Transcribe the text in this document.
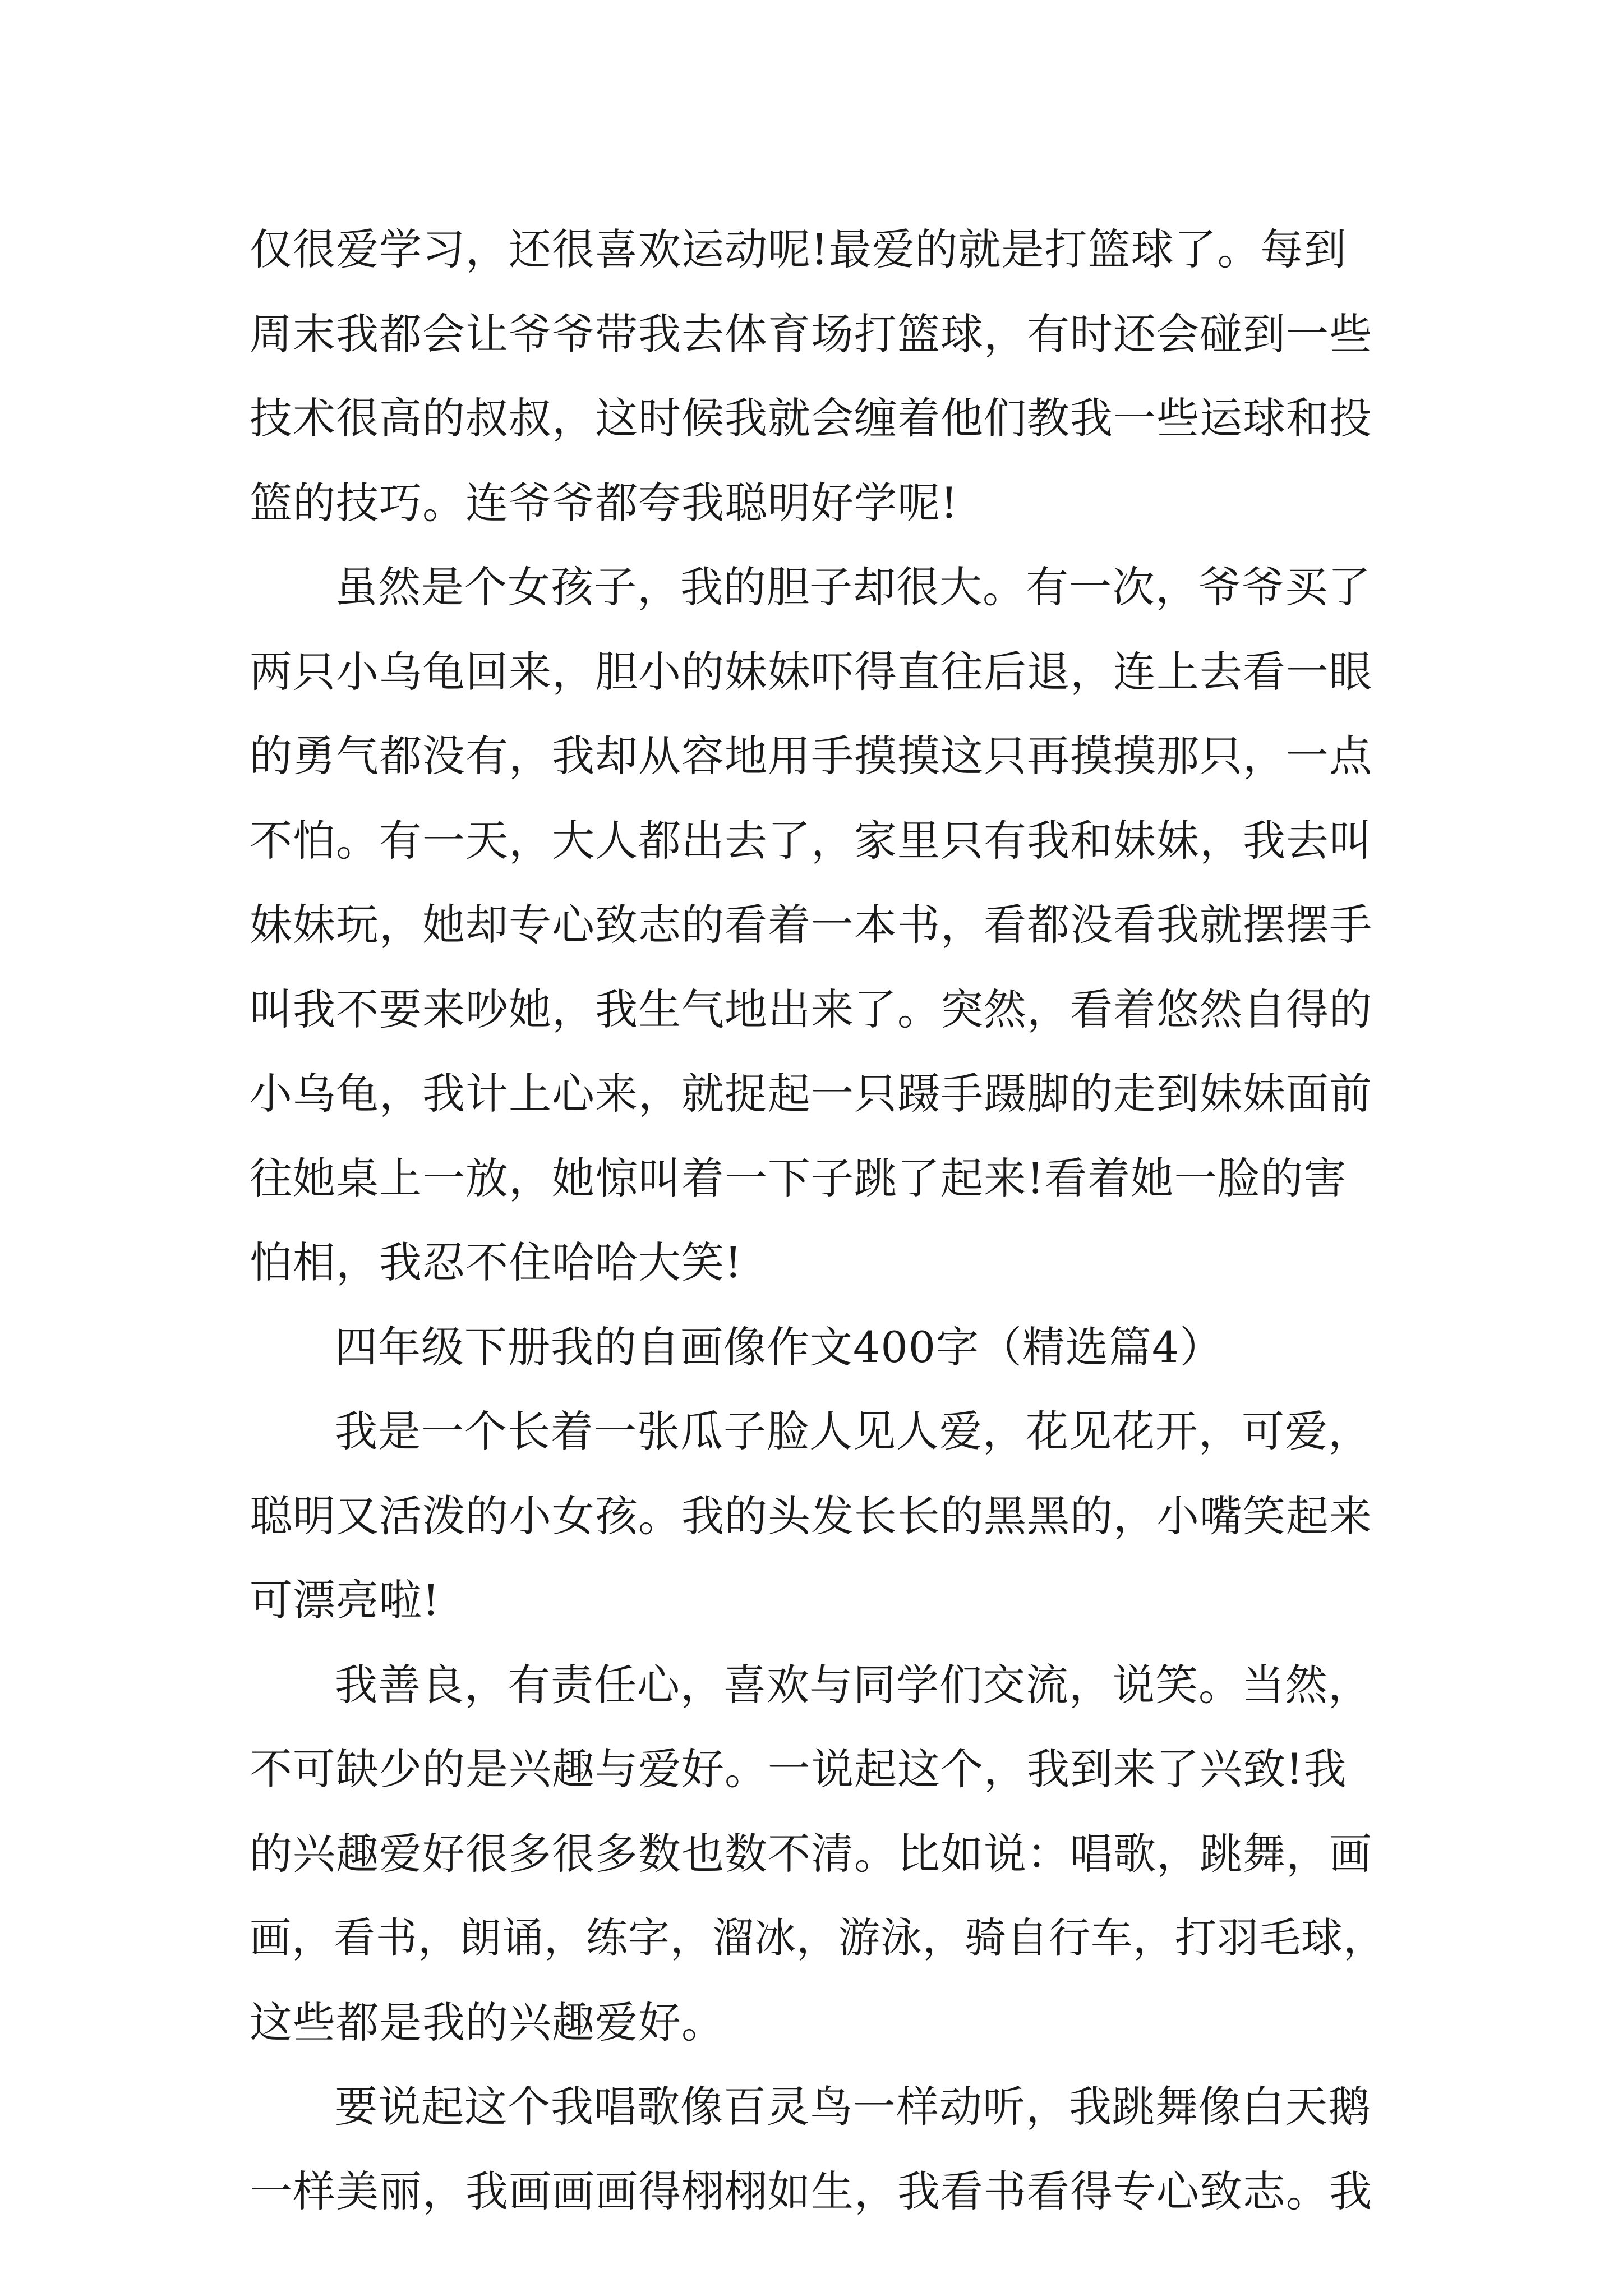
仅很爱学习，还很喜欢运动呢!最爱的就是打篮球了。每到
周末我都会让爷爷带我去体育场打篮球，有时还会碰到一些
技术很高的叔叔，这时候我就会缠着他们教我一些运球和投
篮的技巧。连爷爷都夸我聪明好学呢!
虽然是个女孩子，我的胆子却很大。有一次，爷爷买了
两只小乌龟回来，胆小的妹妹吓得直往后退，连上去看一眼
的勇气都没有，我却从容地用手摸摸这只再摸摸那只，一点
不怕。有一天，大人都出去了，家里只有我和妹妹，我去叫
妹妹玩，她却专心致志的看着一本书，看都没看我就摆摆手
叫我不要来吵她，我生气地出来了。突然，看着悠然自得的
小乌龟，我计上心来，就捉起一只蹑手蹑脚的走到妹妹面前
往她桌上一放，她惊叫着一下子跳了起来!看着她一脸的害
怕相，我忍不住哈哈大笑!
四年级下册我的自画像作文400字（精选篇4）
我是一个长着一张瓜子脸人见人爱，花见花开，可爱，
聪明又活泼的小女孩。我的头发长长的黑黑的，小嘴笑起来
可漂亮啦!
我善良，有责任心，喜欢与同学们交流，说笑。当然，
不可缺少的是兴趣与爱好。一说起这个，我到来了兴致!我
的兴趣爱好很多很多数也数不清。比如说：唱歌，跳舞，画
画，看书，朗诵，练字，溜冰，游泳，骑自行车，打羽毛球，
这些都是我的兴趣爱好。
要说起这个我唱歌像百灵鸟一样动听，我跳舞像白天鹅
一样美丽，我画画画得栩栩如生，我看书看得专心致志。我
